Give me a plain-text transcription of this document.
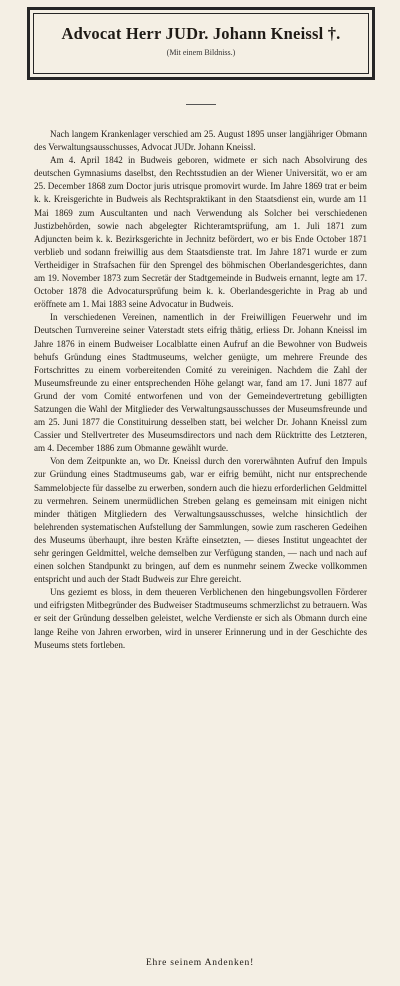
Advocat Herr JUDr. Johann Kneissl †.
(Mit einem Bildniss.)

Nach langem Krankenlager verschied am 25. August 1895 unser langjähriger Obmann des Verwaltungsausschusses, Advocat JUDr. Johann Kneissl.

Am 4. April 1842 in Budweis geboren, widmete er sich nach Absolvirung des deutschen Gymnasiums daselbst, den Rechtsstudien an der Wiener Universität, wo er am 25. December 1868 zum Doctor juris utrisque promovirt wurde. Im Jahre 1869 trat er beim k. k. Kreisgerichte in Budweis als Rechtspraktikant in den Staatsdienst ein, wurde am 11 Mai 1869 zum Auscultanten und nach Verwendung als Solcher bei verschiedenen Justizbehörden, sowie nach abgelegter Richteramtsprüfung, am 1. Juli 1871 zum Adjuncten beim k. k. Bezirksgerichte in Jechnitz befördert, wo er bis Ende October 1871 verblieb und sodann freiwillig aus dem Staatsdienste trat. Im Jahre 1871 wurde er zum Vertheidiger in Strafsachen für den Sprengel des böhmischen Oberlandesgerichtes, dann am 19. November 1873 zum Secretär der Stadtgemeinde in Budweis ernannt, legte am 17. October 1878 die Advocatursprüfung beim k. k. Oberlandesgerichte in Prag ab und eröffnete am 1. Mai 1883 seine Advocatur in Budweis.

In verschiedenen Vereinen, namentlich in der Freiwilligen Feuerwehr und im Deutschen Turnvereine seiner Vaterstadt stets eifrig thätig, erliess Dr. Johann Kneissl im Jahre 1876 in einem Budweiser Localblatte einen Aufruf an die Bewohner von Budweis behufs Gründung eines Stadtmuseums, welcher genügte, um mehrere Freunde des Fortschrittes zu einem vorbereitenden Comité zu vereinigen. Nachdem die Zahl der Museumsfreunde zu einer entsprechenden Höhe gelangt war, fand am 17. Juni 1877 auf Grund der vom Comité entworfenen und von der Gemeindevertretung gebilligten Satzungen die Wahl der Mitglieder des Verwaltungsausschusses der Museumsfreunde und am 25. Juni 1877 die Constituirung desselben statt, bei welcher Dr. Johann Kneissl zum Cassier und Stellvertreter des Museumsdirectors und nach dem Rücktritte des Letzteren, am 4. December 1886 zum Obmanne gewählt wurde.

Von dem Zeitpunkte an, wo Dr. Kneissl durch den vorerwähnten Aufruf den Impuls zur Gründung eines Stadtmuseums gab, war er eifrig bemüht, nicht nur entsprechende Sammelobjecte für dasselbe zu erwerben, sondern auch die hiezu erforderlichen Geldmittel zu vermehren. Seinem unermüdlichen Streben gelang es gemeinsam mit einigen nicht minder thätigen Mitgliedern des Verwaltungsausschusses, welche hinsichtlich der belehrenden systematischen Aufstellung der Sammlungen, sowie zum rascheren Gedeihen des Museums überhaupt, ihre besten Kräfte einsetzten, — dieses Institut ungeachtet der sehr geringen Geldmittel, welche demselben zur Verfügung standen, — nach und nach auf einen solchen Standpunkt zu bringen, auf dem es nunmehr seinem Zwecke vollkommen entspricht und auch der Stadt Budweis zur Ehre gereicht.

Uns geziemt es bloss, in dem theueren Verblichenen den hingebungsvollen Förderer und eifrigsten Mitbegründer des Budweiser Stadtmuseums schmerzlichst zu betrauern. Was er seit der Gründung desselben geleistet, welche Verdienste er sich als Obmann durch eine lange Reihe von Jahren erworben, wird in unserer Erinnerung und in der Geschichte des Museums stets fortleben.

Ehre seinem Andenken!
